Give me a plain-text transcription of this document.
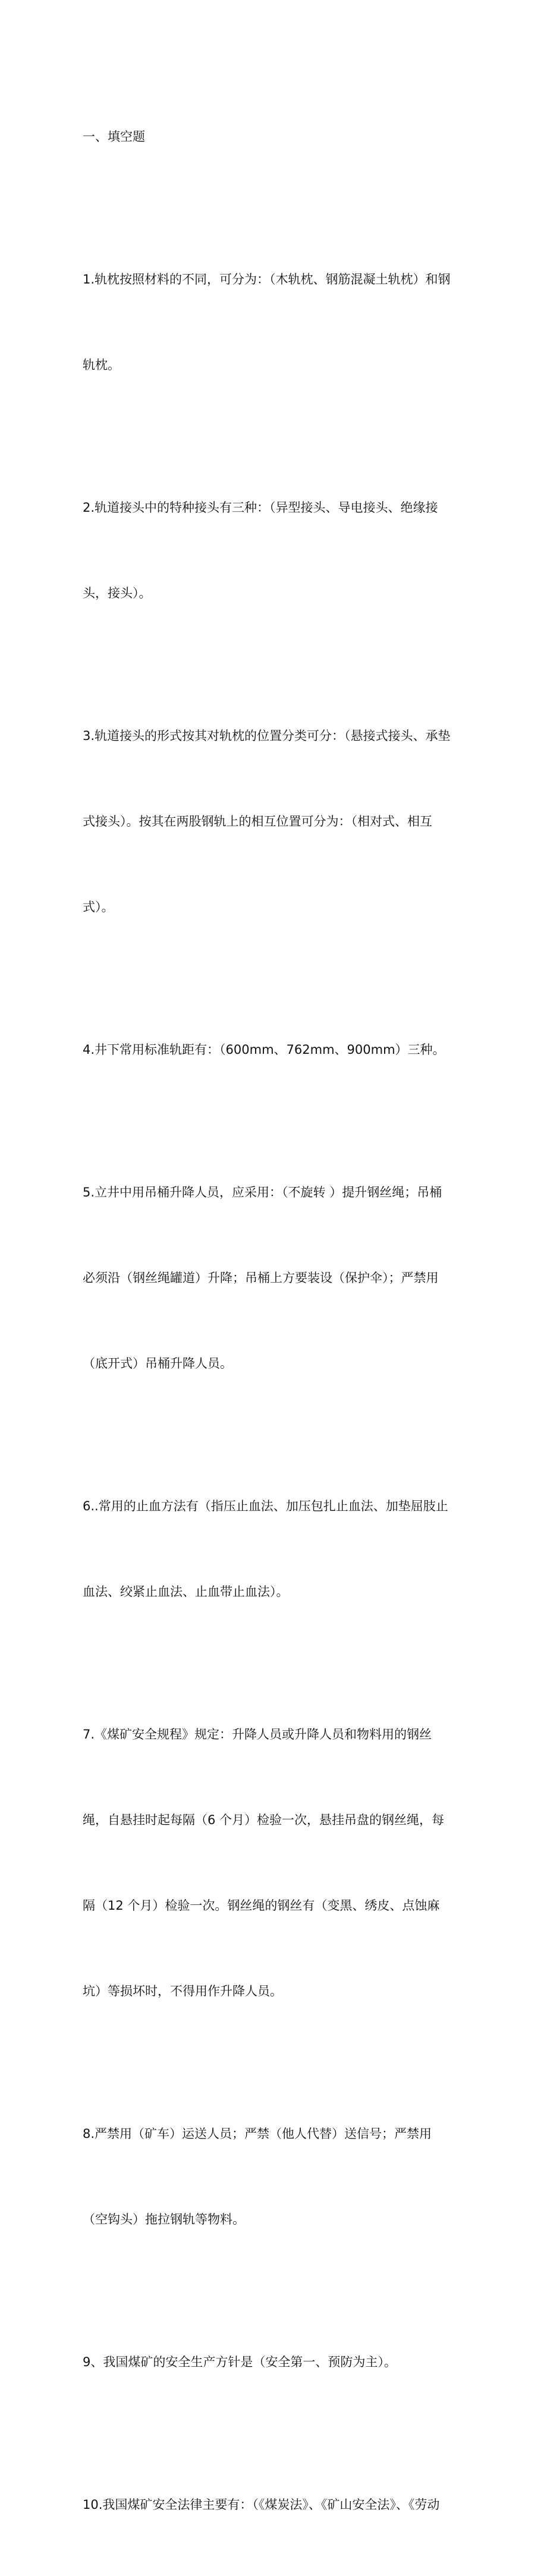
一、填空题

1.轨枕按照材料的不同，可分为：（木轨枕、钢筋混凝土轨枕）和钢

轨枕。

2.轨道接头中的特种接头有三种：（异型接头、导电接头、绝缘接

头，接头）。

3.轨道接头的形式按其对轨枕的位置分类可分：（悬接式接头、承垫

式接头）。按其在两股钢轨上的相互位置可分为：（相对式、相互

式）。

4.井下常用标准轨距有：（600mm、762mm、900mm）三种。

5.立井中用吊桶升降人员，应采用：（不旋转 ）提升钢丝绳；吊桶

必须沿（钢丝绳罐道）升降；吊桶上方要装设（保护伞）；严禁用

（底开式）吊桶升降人员。

6..常用的止血方法有（指压止血法、加压包扎止血法、加垫屈肢止

血法、绞紧止血法、止血带止血法）。

7.《煤矿安全规程》规定：升降人员或升降人员和物料用的钢丝

绳，自悬挂时起每隔（6 个月）检验一次，悬挂吊盘的钢丝绳，每

隔（12 个月）检验一次。钢丝绳的钢丝有（变黑、绣皮、点蚀麻

坑）等损坏时，不得用作升降人员。

8.严禁用（矿车）运送人员；严禁（他人代替）送信号；严禁用

（空钩头）拖拉钢轨等物料。

9、我国煤矿的安全生产方针是（安全第一、预防为主）。

10.我国煤矿安全法律主要有：（《煤炭法》、《矿山安全法》、《劳动
